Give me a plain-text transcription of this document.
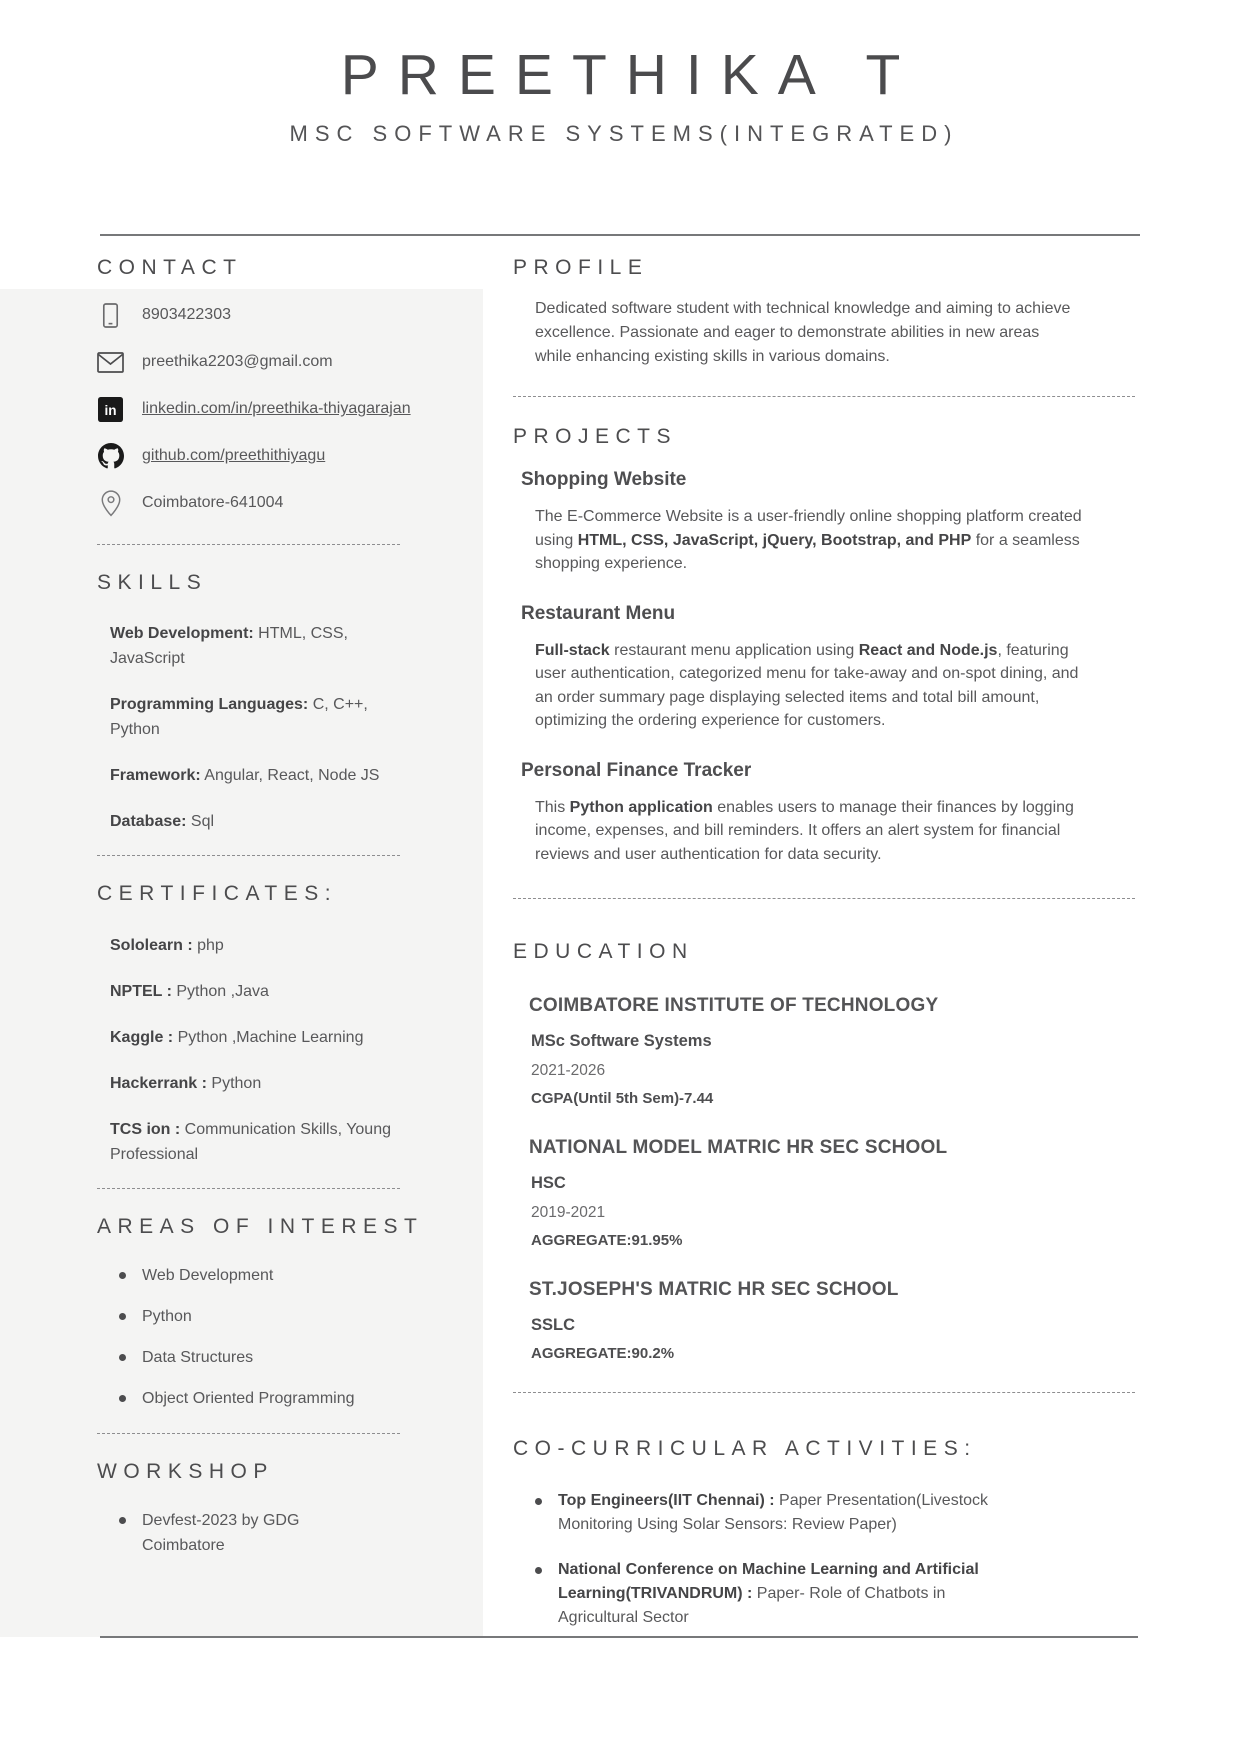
PREETHIKA T
MSC SOFTWARE SYSTEMS(INTEGRATED)
CONTACT
8903422303
preethika2203@gmail.com
in linkedin.com/in/preethika-thiyagarajan
github.com/preethithiyagu
Coimbatore-641004
SKILLS

Web Development: HTML, CSS, JavaScript

Programming Languages: C, C++, Python

Framework: Angular, React, Node JS

Database: Sql

CERTIFICATES:

Sololearn : php

NPTEL : Python ,Java

Kaggle : Python ,Machine Learning

Hackerrank : Python

TCS ion : Communication Skills, Young Professional

AREAS OF INTEREST
Web Development
Python
Data Structures
Object Oriented Programming
WORKSHOP
Devfest-2023 by GDG Coimbatore
PROFILE

Dedicated software student with technical knowledge and aiming to achieve excellence. Passionate and eager to demonstrate abilities in new areas while enhancing existing skills in various domains.

PROJECTS
Shopping Website

The E-Commerce Website is a user-friendly online shopping platform created using HTML, CSS, JavaScript, jQuery, Bootstrap, and PHP for a seamless shopping experience.

Restaurant Menu

Full-stack restaurant menu application using React and Node.js, featuring user authentication, categorized menu for take-away and on-spot dining, and an order summary page displaying selected items and total bill amount, optimizing the ordering experience for customers.

Personal Finance Tracker

This Python application enables users to manage their finances by logging income, expenses, and bill reminders. It offers an alert system for financial reviews and user authentication for data security.

EDUCATION
COIMBATORE INSTITUTE OF TECHNOLOGY
MSc Software Systems
2021-2026
CGPA(Until 5th Sem)-7.44
NATIONAL MODEL MATRIC HR SEC SCHOOL
HSC
2019-2021
AGGREGATE:91.95%
ST.JOSEPH'S MATRIC HR SEC SCHOOL
SSLC
AGGREGATE:90.2%
CO-CURRICULAR ACTIVITIES:
Top Engineers(IIT Chennai) : Paper Presentation(Livestock Monitoring Using Solar Sensors: Review Paper)
National Conference on Machine Learning and Artificial Learning(TRIVANDRUM) : Paper- Role of Chatbots in Agricultural Sector
